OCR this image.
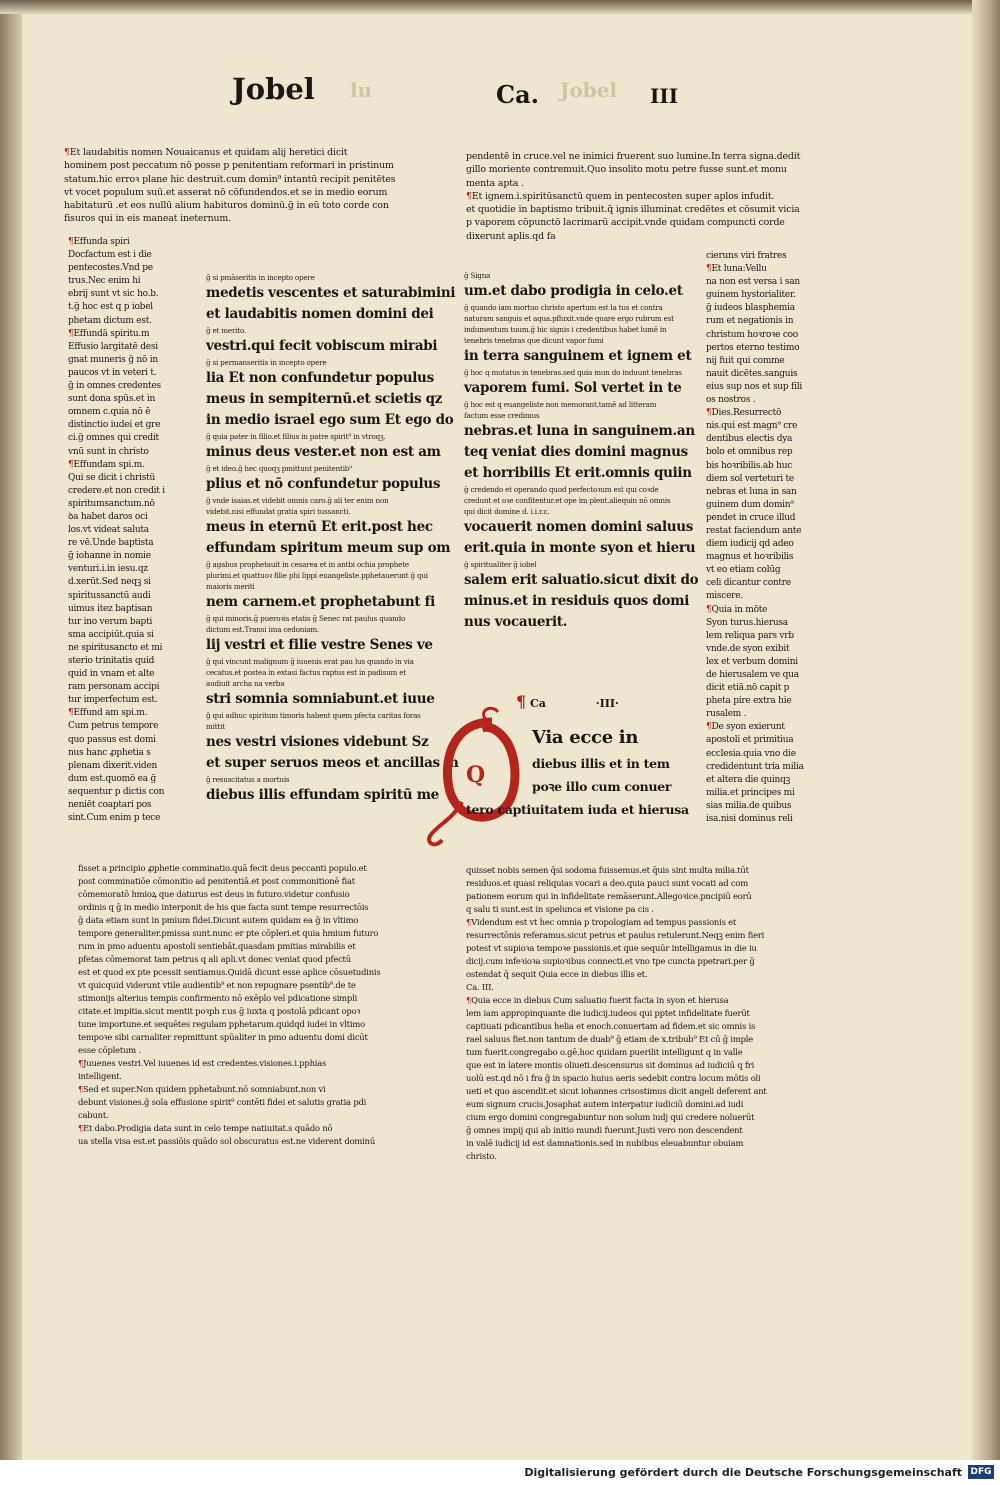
Jobel	Ca.	III
lu	Jobel

¶Et laudabitis nomen Nouaicanus et quidam alij heretici dicit

hominem post peccatum nō posse p penitentiam reformari in pristinum

statum.hic erroꝛ plane hic destruit.cum domin⁹ intantū recipit penitētes

vt vocet populum suū.et asserat nō cōfundendos.et se in medio eorum

habitaturū .et eos nullū alium habituros dominū.ḡ in eū toto corde con

fisuros qui in eis maneat ineternum.

pendentē in cruce.vel ne inimici fruerent suo lumine.In terra signa.dedit

gillo moriente contremuit.Quo insolito motu petre fusse sunt.et monu

menta apta .

¶Et ignem.i.spiritūsanctū quem in pentecosten super aplos infudit.

et quotidie in baptismo tribuit.q̄ ignis illuminat credētes et cōsumit vicia

p vaporem cōpunctō lacrimarū accipit.vnde quidam compuncti corde

dixerunt aplis.qd fa

¶Effunda spiri

Docfactum est i die

pentecostes.Vnd pe

trus.Nec enim hi

ebrij sunt vt sic ho.b.

t.ḡ hoc est q p iobel

phetam dictum est.

¶Effundā spiritu.m

Effusio largitatē desi

gnat muneris ḡ nō in

paucos vt in veteri t.

ḡ in omnes credentes

sunt dona spūs.et in

omnem c.quia nō ē

distinctio iudei et gre

ci.ḡ omnes qui credit

vnū sunt in christo

¶Effundam spi.m.

Qui se dicit i christū

credere.et non credit i

spiritumsanctum.nō

ꝺa habet daros oci

los.vt videat saluta

re vē.Unde baptista

ḡ iohanne in nomie

venturi.i.in iesu.qz

d.xerūt.Sed neqꝫ si

spiritussanctū audi

uimus itez baptisan

tur ino verum bapti

sma accipiūt.quia si

ne spiritusancto et mi

sterio trinitatis quid

quid in vnam et alte

ram personam accipi

tur imperfectum est.

¶Effund am spi.m.

Cum petrus tempore

quo passus est domi

nus hanc ꝓphetia s

plenam dixerit.viden

dum est.quomō ea ḡ

sequentur p dictis con

neniēt coaptari pos

sint.Cum enim p tece

ḡ si pmāseritis in incepto opere
medetis vescentes et saturabimini
et laudabitis nomen domini dei
ḡ et merito.
vestri.qui fecit vobiscum mirabi
ḡ si permanseritis in incepto opere
lia Et non confundetur populus
meus in sempiternū.et scietis qz
in medio israel ego sum Et ego do
ḡ quia pater in filio.et filius in patre spirit⁹ in vtroqꝫ.
minus deus vester.et non est am
ḡ et ideo.ḡ hec quoqꝫ pmittunt penitentib⁹
plius et nō confundetur populus
ḡ vnde isaias.et videbit omnis caro.ḡ ali ter enim non videbit.nisi effundat gratia spiri tussancti.
meus in eternū Et erit.post hec
effundam spiritum meum sup om
ḡ agabus prophetauit in cesarea et in antbi ochia prophete plurimi.et quattuoꝛ filie phi lippi euangeliste.pphetauerunt ḡ qui maioris meriti
nem carnem.et prophetabunt fi
ḡ qui minoris.ḡ pueroꝛis etatis ḡ Senec rat paulus quando dictum est.Transi ima cedoniam.
lij vestri et filie vestre Senes ve
ḡ qui vincunt malignum ḡ iuuenis erat pau lus quando in via cecatus.et postea in extasi factus raptus est in padisum et audiuit archa na verba
stri somnia somniabunt.et iuue
ḡ qui adhuc spiritum timoris habent quem pfecta caritas foras mittit
nes vestri visiones videbunt Sz
et super seruos meos et ancillas in
ḡ resuscitatus a mortuis
diebus illis effundam spiritū me
ḡ Signa
um.et dabo prodigia in celo.et
ḡ quando iam mortuo christo apertum est la tus et contra naturam sanguis et aqua.pfluxit.vnde quare ergo rubrum est indumentum tuum.ḡ hic signis i credentibus habet lumē in tenebris tenebras que dicunt vapor fumi
in terra sanguinem et ignem et
ḡ hoc q mutatus in tenebras.sed quia mun do induunt tenebras
vaporem fumi. Sol vertet in te
ḡ hoc est q euangeliste non memorant.tamē ad litteram factum esse credimus
nebras.et luna in sanguinem.an
teq veniat dies domini magnus
et horribilis Et erit.omnis quiin
ḡ credendo et operando quod perfectoꝛum est qui coꝛde credunt et oꝛe confitentur.et ope im plent.aliequin nō omnis qui dicit domine d. i.i.r.c.
vocauerit nomen domini saluus
erit.quia in monte syon et hieru
ḡ spiritualiter ḡ iobel
salem erit saluatio.sicut dixit do
minus.et in residuis quos domi
nus vocauerit.

cieruns viri fratres

¶Et luna:Vellu

na non est versa i san

guinem hystorialiter.

ḡ iudeos blasphemia

rum et negationis in

christum hoꝛroꝛe coo

pertos eterno testimo

nij fuit qui comme

nauit dicētes.sanguis

eius sup nos et sup fili

os nostros .

¶Dies.Resurrectō

nis.qui est magn⁹ cre

dentibus electis dya

bolo et omnibus rep

bis hoꝛribilis.ab huc

diem sol verteturi te

nebras et luna in san

guinem dum domin⁹

pendet in cruce illud

restat faciendum ante

diem iudicij qd adeo

magnus et hoꝛribilis

vt eo etiam colūg

celi dicantur contre

miscere.

¶Quia in mōte

Syon turus.hierusa

lem reliqua pars vrb

vnde.de syon exibit

lex et verbum domini

de hierusalem ve qua

dicit etiā.nō capit p

pheta pire extra hie

rusalem .

¶De syon exierunt

apostoli et primitiua

ecclesia.quia vno die

credidentunt tria milia

et altera die quinqꝫ

milia.et principes mi

sias milia.de quibus

isa.nisi dominus reli

¶ Ca	·III·
Q
Via ecce in
diebus illis et in tem
poꝛe illo cum conuer
tero captiuitatem iuda et hierusa

fisset a principio ꝓphetie comminatio.quā fecit deus peccanti populo.et

post comminatiōe cōmonitio ad penitentiā.et post commonitionē fiat

cōmemoratō hmioꝝ que daturus est deus in futuro.videtur confusio

ordinis q ḡ in medio interponit de his que facta sunt tempe resurrectōis

ḡ data etiam sunt in pmium fidei.Dicunt autem quidam ea ḡ in vltimo

tempore generaliter.pmissa sunt.nunc er pte cōpleri.et quia hmium futuro

rum in pmo aduentu apostoli sentiebāt.quasdam pmitias mirabilis et

pfetas cōmemorat tam petrus q ali apli.vt donec veniat quod pfectū

est et quod ex pte pcessit sentiamus.Quidā dicunt esse aplice cōsuetudinis

vt quicquid viderunt vtile audientib⁹ et non repugnare psentib⁹.de te

stimonijs alterius tempis confirmento nō exēplo vel pdicatione simpli

citate.et impitia.sicut mentit poꝛph r.us ḡ iuxta q postolā pdicant opoꝛ

tune importune.et sequētes regulam pphetarum.quidqd iudei in vltimo

tempoꝛe sibi carnaliter repmittunt spūaliter in pmo aduentu domi dicūt

esse cōpletum .

¶Juuenes vestri.Vel iuuenes id est credentes.visiones.i.pphias

intelligent.

¶Sed et super.Non quidem pphetabunt.nō somniabunt.non vi

debunt visiones.ḡ sola effusione spirit⁹ contēti fidei et salutis gratia pdi

cabunt.

¶Et dabo.Prodigia data sunt in celo tempe natiuitat.s quādo nō

ua stella visa est.et passiōis quādo sol obscuratus est.ne viderent dominū

quisset nobis semen q̄si sodoma fuissemus.et q̄uis sint multa milia.tūt

residuos.et quasi reliquias vocari a deo.quia pauci sunt vocati ad com

pationem eorum qui in infidelitate remāserunt.Allegoꝛice.pncipiū eorū

q salu ti sunt.est in spelunca et visione pa cis .

¶Videndum est vt hec omnia p tropologiam ad tempus passionis et

resurrectōnis referamus.sicut petrus et paulus retulerunt.Neqꝫ enim fieri

potest vt supioꝛa tempoꝛe passionis.et que sequūr intelligamus in die iu

dicij.cum infeꝛioꝛa supioꝛibus connecti.et vno tpe cuncta ppetrari.per ḡ

ostendat q̄ sequit Quia ecce in diebus illis et.

Ca. III.

¶Quia ecce in diebus Cum saluatio fuerit facta in syon et hierusa

lem iam appropinquante die iudicij.iudeos qui pptet infidelitate fuerūt

captiuati pdicantibus helia et enoch.conuertam ad fidem.et sic omnis is

rael saluus fiet.non tantum de duab⁹ ḡ etiam de x.tribub⁹ Et cū ḡ imple

tum fuerit.congregabo o.gē.hoc quidam puerilit intelligunt q in valle

que est in latere montis oliueti.descensurus sit dominus ad iudiciū q fri

uolū est.qd nō i fra ḡ in spacio huius aeris sedebit contra locum mōtis oli

ueti et quo ascendit.et sicut iohannes crisostimus dicit angeli deferent ant

eum signum crucis.Josaphat autem interpatur iudiciū domini.ad iudi

cium ergo domini congregabuntur non solum iudj qui credere noluerūt

ḡ omnes impij qui ab initio mundi fuerunt.Justi vero non descendent

in valē iudicij id est damnationis.sed in nubibus eleuabuntur obuiam

christo.

Digitalisierung gefördert durch die Deutsche Forschungsgemeinschaft DFG
